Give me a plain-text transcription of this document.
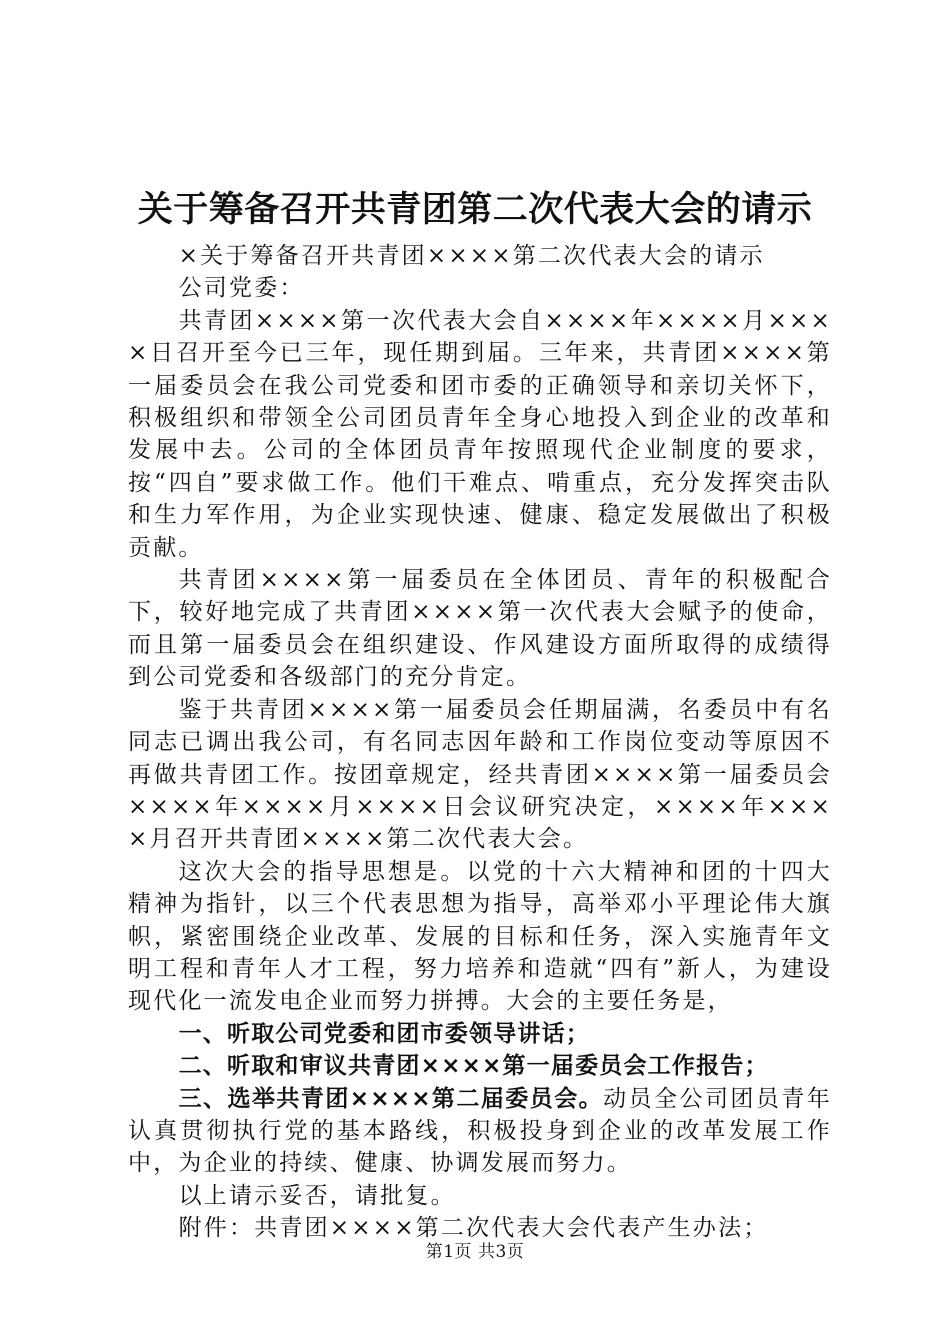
关于筹备召开共青团第二次代表大会的请示

×关于筹备召开共青团××××第二次代表大会的请示

公司党委：

共青团××××第一次代表大会自××××年××××月××××日召开至今已三年，现任期到届。三年来，共青团××××第一届委员会在我公司党委和团市委的正确领导和亲切关怀下，积极组织和带领全公司团员青年全身心地投入到企业的改革和发展中去。公司的全体团员青年按照现代企业制度的要求，按“四自”要求做工作。他们干难点、啃重点，充分发挥突击队和生力军作用，为企业实现快速、健康、稳定发展做出了积极贡献。

共青团××××第一届委员在全体团员、青年的积极配合下，较好地完成了共青团××××第一次代表大会赋予的使命，而且第一届委员会在组织建设、作风建设方面所取得的成绩得到公司党委和各级部门的充分肯定。

鉴于共青团××××第一届委员会任期届满，名委员中有名同志已调出我公司，有名同志因年龄和工作岗位变动等原因不再做共青团工作。按团章规定，经共青团××××第一届委员会××××年××××月××××日会议研究决定，××××年××××月召开共青团××××第二次代表大会。

这次大会的指导思想是。以党的十六大精神和团的十四大精神为指针，以三个代表思想为指导，高举邓小平理论伟大旗帜，紧密围绕企业改革、发展的目标和任务，深入实施青年文明工程和青年人才工程，努力培养和造就“四有”新人，为建设现代化一流发电企业而努力拼搏。大会的主要任务是，

一、听取公司党委和团市委领导讲话；

二、听取和审议共青团××××第一届委员会工作报告；

三、选举共青团××××第二届委员会。动员全公司团员青年认真贯彻执行党的基本路线，积极投身到企业的改革发展工作中，为企业的持续、健康、协调发展而努力。

以上请示妥否，请批复。

附件：共青团××××第二次代表大会代表产生办法；

第1页 共3页
